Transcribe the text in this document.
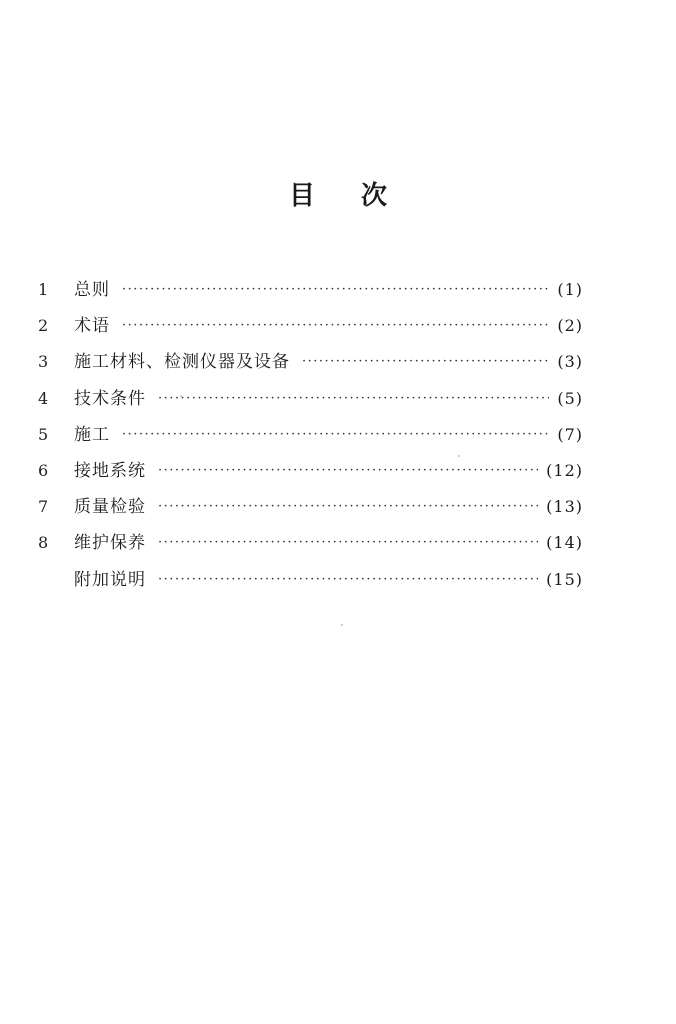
目 次
1	总则 ·····	(1)
2	术语 ·····	(2)
3	施工材料、检测仪器及设备 ·····	(3)
4	技术条件 ·····	(5)
5	施工 ·····	(7)
6	接地系统 ·····	(12)
7	质量检验 ·····	(13)
8	维护保养 ·····	(14)
附加说明 ·····	(15)
